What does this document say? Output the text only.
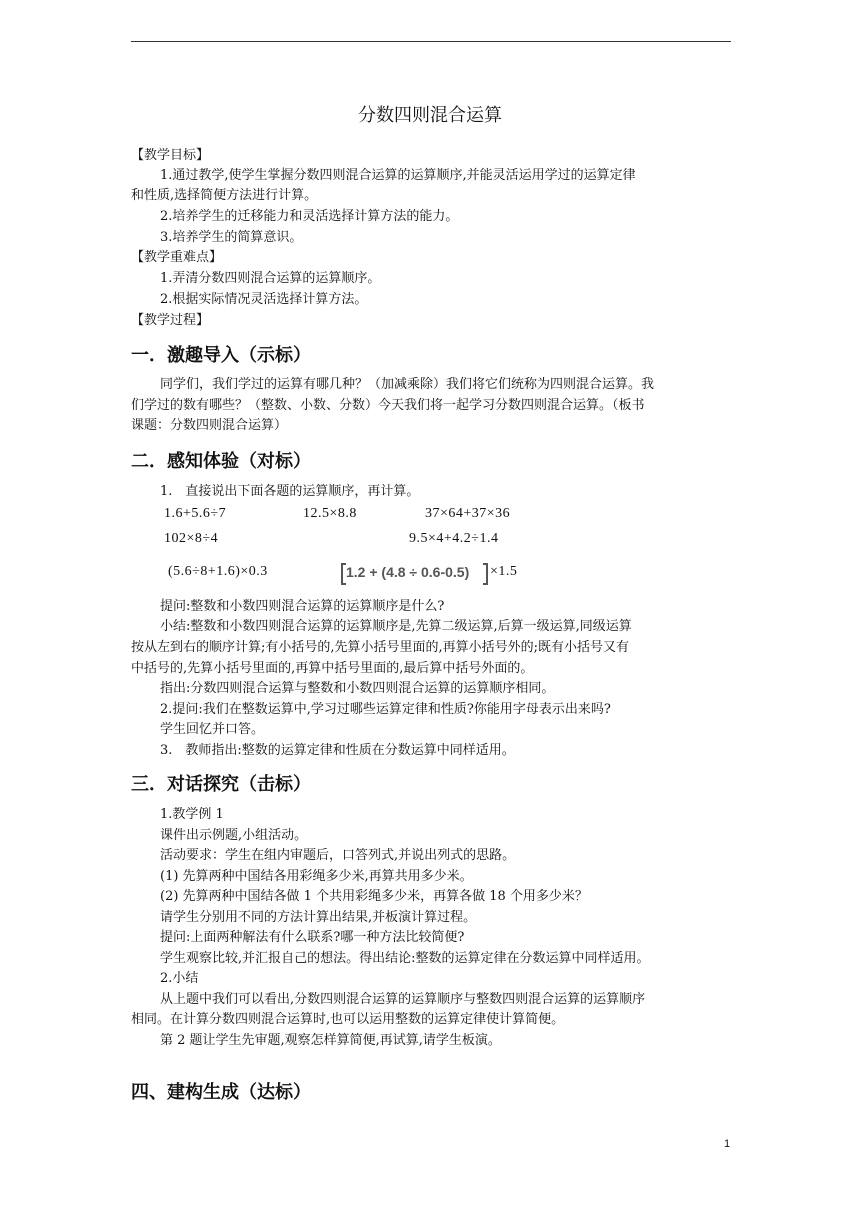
分数四则混合运算
【教学目标】
1.通过教学,使学生掌握分数四则混合运算的运算顺序,并能灵活运用学过的运算定律
和性质,选择简便方法进行计算。
2.培养学生的迁移能力和灵活选择计算方法的能力。
3.培养学生的简算意识。
【教学重难点】
1.弄清分数四则混合运算的运算顺序。
2.根据实际情况灵活选择计算方法。
【教学过程】
一．激趣导入（示标）
同学们，我们学过的运算有哪几种？（加减乘除）我们将它们统称为四则混合运算。我
们学过的数有哪些？（整数、小数、分数）今天我们将一起学习分数四则混合运算。（板书
课题：分数四则混合运算）
二．感知体验（对标）
1.　直接说出下面各题的运算顺序，再计算。
1.6+5.6÷7	12.5×8.8	37×64+37×36
102×8÷4	9.5×4+4.2÷1.4
(5.6÷8+1.6)×0.3	1.2 + (4.8 ÷ 0.6-0.5) ×1.5
提问:整数和小数四则混合运算的运算顺序是什么?
小结:整数和小数四则混合运算的运算顺序是,先算二级运算,后算一级运算,同级运算
按从左到右的顺序计算;有小括号的,先算小括号里面的,再算小括号外的;既有小括号又有
中括号的,先算小括号里面的,再算中括号里面的,最后算中括号外面的。
指出:分数四则混合运算与整数和小数四则混合运算的运算顺序相同。
2.提问:我们在整数运算中,学习过哪些运算定律和性质?你能用字母表示出来吗?
学生回忆并口答。
3.　教师指出:整数的运算定律和性质在分数运算中同样适用。
三．对话探究（击标）
1.教学例 1
课件出示例题,小组活动。
活动要求：学生在组内审题后，口答列式,并说出列式的思路。
(1) 先算两种中国结各用彩绳多少米,再算共用多少米。
(2) 先算两种中国结各做 1 个共用彩绳多少米，再算各做 18 个用多少米？
请学生分别用不同的方法计算出结果,并板演计算过程。
提问:上面两种解法有什么联系?哪一种方法比较简便?
学生观察比较,并汇报自己的想法。得出结论:整数的运算定律在分数运算中同样适用。
2.小结
从上题中我们可以看出,分数四则混合运算的运算顺序与整数四则混合运算的运算顺序
相同。在计算分数四则混合运算时,也可以运用整数的运算定律使计算简便。
第 2 题让学生先审题,观察怎样算简便,再试算,请学生板演。
四、建构生成（达标）
1
